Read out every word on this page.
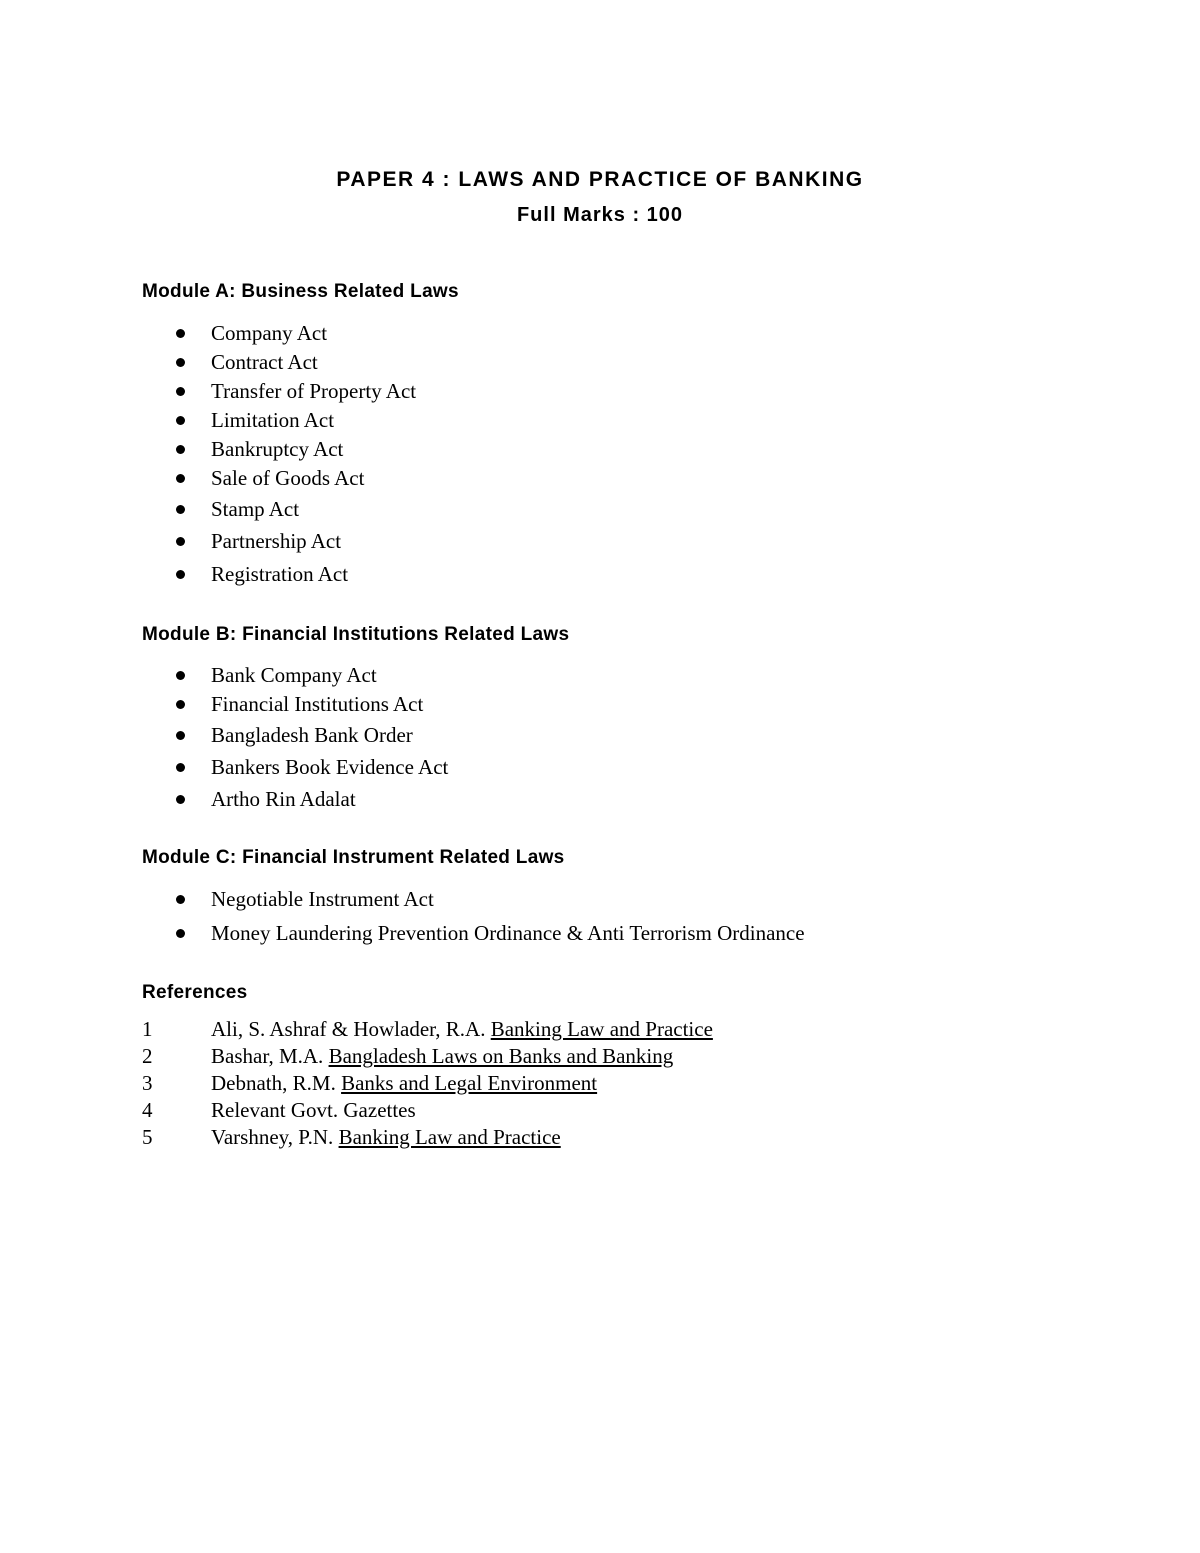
PAPER 4 : LAWS AND PRACTICE OF BANKING
Full Marks : 100
Module A: Business Related Laws
Company Act
Contract Act
Transfer of Property Act
Limitation Act
Bankruptcy Act
Sale of Goods Act
Stamp Act
Partnership Act
Registration Act
Module B: Financial Institutions Related Laws
Bank Company Act
Financial Institutions Act
Bangladesh Bank Order
Bankers Book Evidence Act
Artho Rin Adalat
Module C: Financial Instrument Related Laws
Negotiable Instrument Act
Money Laundering Prevention Ordinance & Anti Terrorism Ordinance
References
1	Ali, S. Ashraf & Howlader, R.A. Banking Law and Practice
2	Bashar, M.A. Bangladesh Laws on Banks and Banking
3	Debnath, R.M. Banks and Legal Environment
4	Relevant Govt. Gazettes
5	Varshney, P.N. Banking Law and Practice
